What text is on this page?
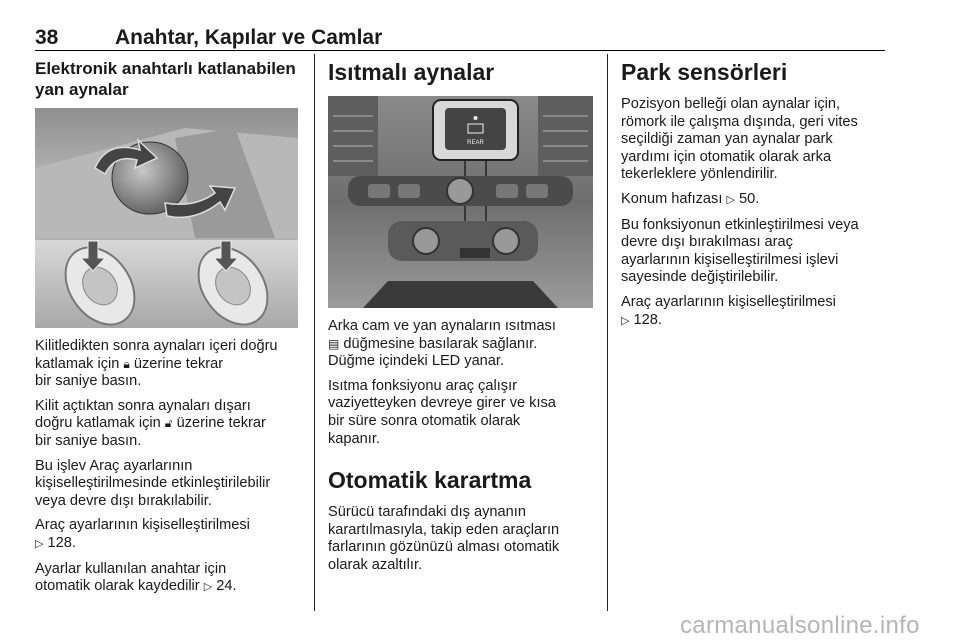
38	Anahtar, Kapılar ve Camlar
Elektronik anahtarlı katlanabilen
yan aynalar

Kilitledikten sonra aynaları içeri doğru
katlamak için 🔒︎ üzerine tekrar
bir saniye basın.

Kilit açtıktan sonra aynaları dışarı
doğru katlamak için 🔓︎ üzerine tekrar
bir saniye basın.

Bu işlev Araç ayarlarının
kişiselleştirilmesinde etkinleştirilebilir
veya devre dışı bırakılabilir.

Araç ayarlarının kişiselleştirilmesi
▷ 128.

Ayarlar kullanılan anahtar için
otomatik olarak kaydedilir ▷ 24.

Isıtmalı aynalar
REAR

Arka cam ve yan aynaların ısıtması
▤ düğmesine basılarak sağlanır.
Düğme içindeki LED yanar.

Isıtma fonksiyonu araç çalışır
vaziyetteyken devreye girer ve kısa
bir süre sonra otomatik olarak
kapanır.

Otomatik karartma

Sürücü tarafındaki dış aynanın
karartılmasıyla, takip eden araçların
farlarının gözünüzü alması otomatik
olarak azaltılır.

Park sensörleri

Pozisyon belleği olan aynalar için,
römork ile çalışma dışında, geri vites
seçildiği zaman yan aynalar park
yardımı için otomatik olarak arka
tekerleklere yönlendirilir.

Konum hafızası ▷ 50.

Bu fonksiyonun etkinleştirilmesi veya
devre dışı bırakılması araç
ayarlarının kişiselleştirilmesi işlevi
sayesinde değiştirilebilir.

Araç ayarlarının kişiselleştirilmesi
▷ 128.

carmanualsonline.info
